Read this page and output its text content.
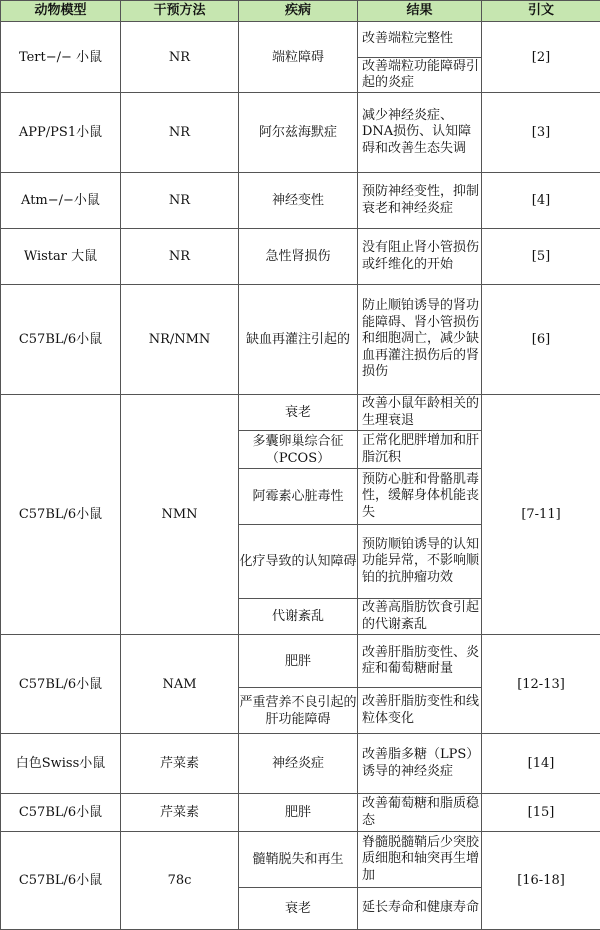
动物模型	干预方法	疾病	结果	引文
Tert−/− 小鼠	NR	端粒障碍	改善端粒完整性	[2]
			改善端粒功能障碍引起的炎症	
APP/PS1小鼠	NR	阿尔兹海默症	减少神经炎症、DNA损伤、认知障碍和改善生态失调	[3]
Atm−/−小鼠	NR	神经变性	预防神经变性，抑制衰老和神经炎症	[4]
Wistar 大鼠	NR	急性肾损伤	没有阻止肾小管损伤或纤维化的开始	[5]
C57BL/6小鼠	NR/NMN	缺血再灌注引起的	防止顺铂诱导的肾功能障碍、肾小管损伤和细胞凋亡，减少缺血再灌注损伤后的肾损伤	[6]
C57BL/6小鼠	NMN	衰老	改善小鼠年龄相关的生理衰退	[7-11]
		多囊卵巢综合征（PCOS）	正常化肥胖增加和肝脂沉积	
		阿霉素心脏毒性	预防心脏和骨骼肌毒性，缓解身体机能丧失	
		化疗导致的认知障碍	预防顺铂诱导的认知功能异常，不影响顺铂的抗肿瘤功效	
		代谢紊乱	改善高脂肪饮食引起的代谢紊乱	
C57BL/6小鼠	NAM	肥胖	改善肝脂肪变性、炎症和葡萄糖耐量	[12-13]
		严重营养不良引起的肝功能障碍	改善肝脂肪变性和线粒体变化	
白色Swiss小鼠	芹菜素	神经炎症	改善脂多糖（LPS）诱导的神经炎症	[14]
C57BL/6小鼠	芹菜素	肥胖	改善葡萄糖和脂质稳态	[15]
C57BL/6小鼠	78c	髓鞘脱失和再生	脊髓脱髓鞘后少突胶质细胞和轴突再生增加	[16-18]
		衰老	延长寿命和健康寿命	
